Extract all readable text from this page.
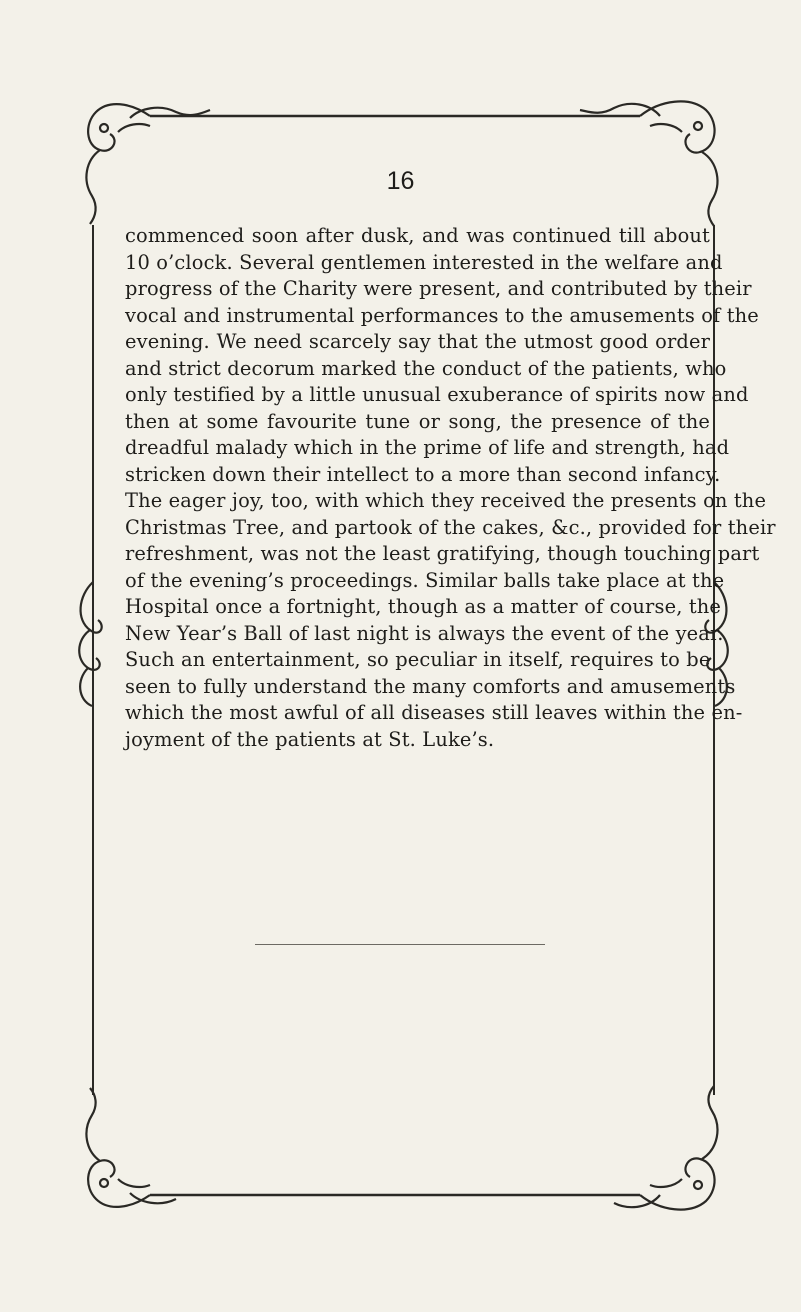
16

commenced soon after dusk, and was continued till about
10 o’clock. Several gentlemen interested in the welfare and
progress of the Charity were present, and contributed by their
vocal and instrumental performances to the amusements of the
evening. We need scarcely say that the utmost good order
and strict decorum marked the conduct of the patients, who
only testified by a little unusual exuberance of spirits now and
then at some favourite tune or song, the presence of the
dreadful malady which in the prime of life and strength, had
stricken down their intellect to a more than second infancy.
The eager joy, too, with which they received the presents on the
Christmas Tree, and partook of the cakes, &c., provided for their
refreshment, was not the least gratifying, though touching part
of the evening’s proceedings. Similar balls take place at the
Hospital once a fortnight, though as a matter of course, the
New Year’s Ball of last night is always the event of the year.
Such an entertainment, so peculiar in itself, requires to be
seen to fully understand the many comforts and amusements
which the most awful of all diseases still leaves within the en-
joyment of the patients at St. Luke’s.
